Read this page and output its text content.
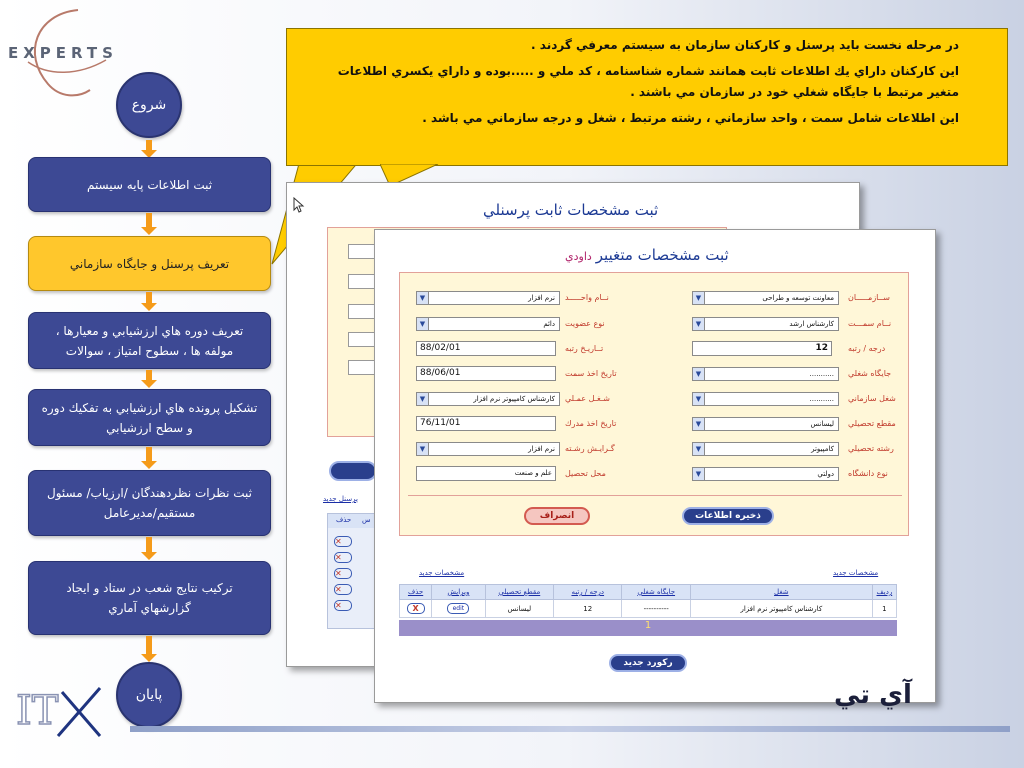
EXPERTS
شروع
ثبت اطلاعات پايه سيستم
تعريف پرسنل و جايگاه سازماني
تعريف دوره هاي ارزشيابي و معيارها ، مولفه ها ، سطوح امتياز ، سوالات
تشكيل پرونده هاي ارزشيابي به تفكيك دوره و سطح ارزشيابي
ثبت نظرات نظردهندگان /ارزياب/ مسئول مستقيم/مديرعامل
تركيب نتايج شعب در ستاد و ايجاد گزارشهاي آماري
پايان
IT

در مرحله نخست بايد پرسنل و كاركنان سازمان به سيستم معرفي گردند .

اين كاركنان داراي يك اطلاعات ثابت همانند شماره شناسنامه ، كد ملي و .....بوده و داراي يكسري اطلاعات متغير مرتبط با جايگاه شغلي خود در سازمان مي باشند .

اين اطلاعات شامل سمت ، واحد سازماني ، رشته مرتبط ، شغل و درجه سازماني مي باشد .

ثبت مشخصات ثابت پرسنلي
پرسنل جديد
حذف س
✕
✕
✕
✕
✕
ثبت مشخصات متغييرداودي
ســازمـــــان
معاونت توسعه و طراحی
▼
نــام سمـــت
كارشناس ارشد
▼
درجه / رتبه
12
جايگاه شغلي
...........
▼
شغل سازماني
...........
▼
مقطع تحصيلي
ليسانس
▼
رشته تحصيلي
كامپيوتر
▼
نوع دانشگاه
دولتي
▼
نــام واحـــــد
نرم افزار
▼
نوع عضويت
دائم
▼
تــاريـخ رتبه
88/02/01
تاريخ اخذ سمت
88/06/01
شـغـل عمـلي
كارشناس كامپيوتر نرم افزار
▼
تاريخ اخذ مدرك
76/11/01
گـرايـش رشـته
نرم افزار
▼
محل تحصيل
علم و صنعت
ذخيره اطلاعات
انصراف
مشخصات جديد	مشخصات جديد
رديف	شغل	جايگاه شغلي	درجه / رتبه	مقطع تحصيلي	ويرايش	حذف
1	كارشناس كامپيوتر نرم افزار	----------	12	ليسانس	edit	X
1
ركورد جديد
آي تي
